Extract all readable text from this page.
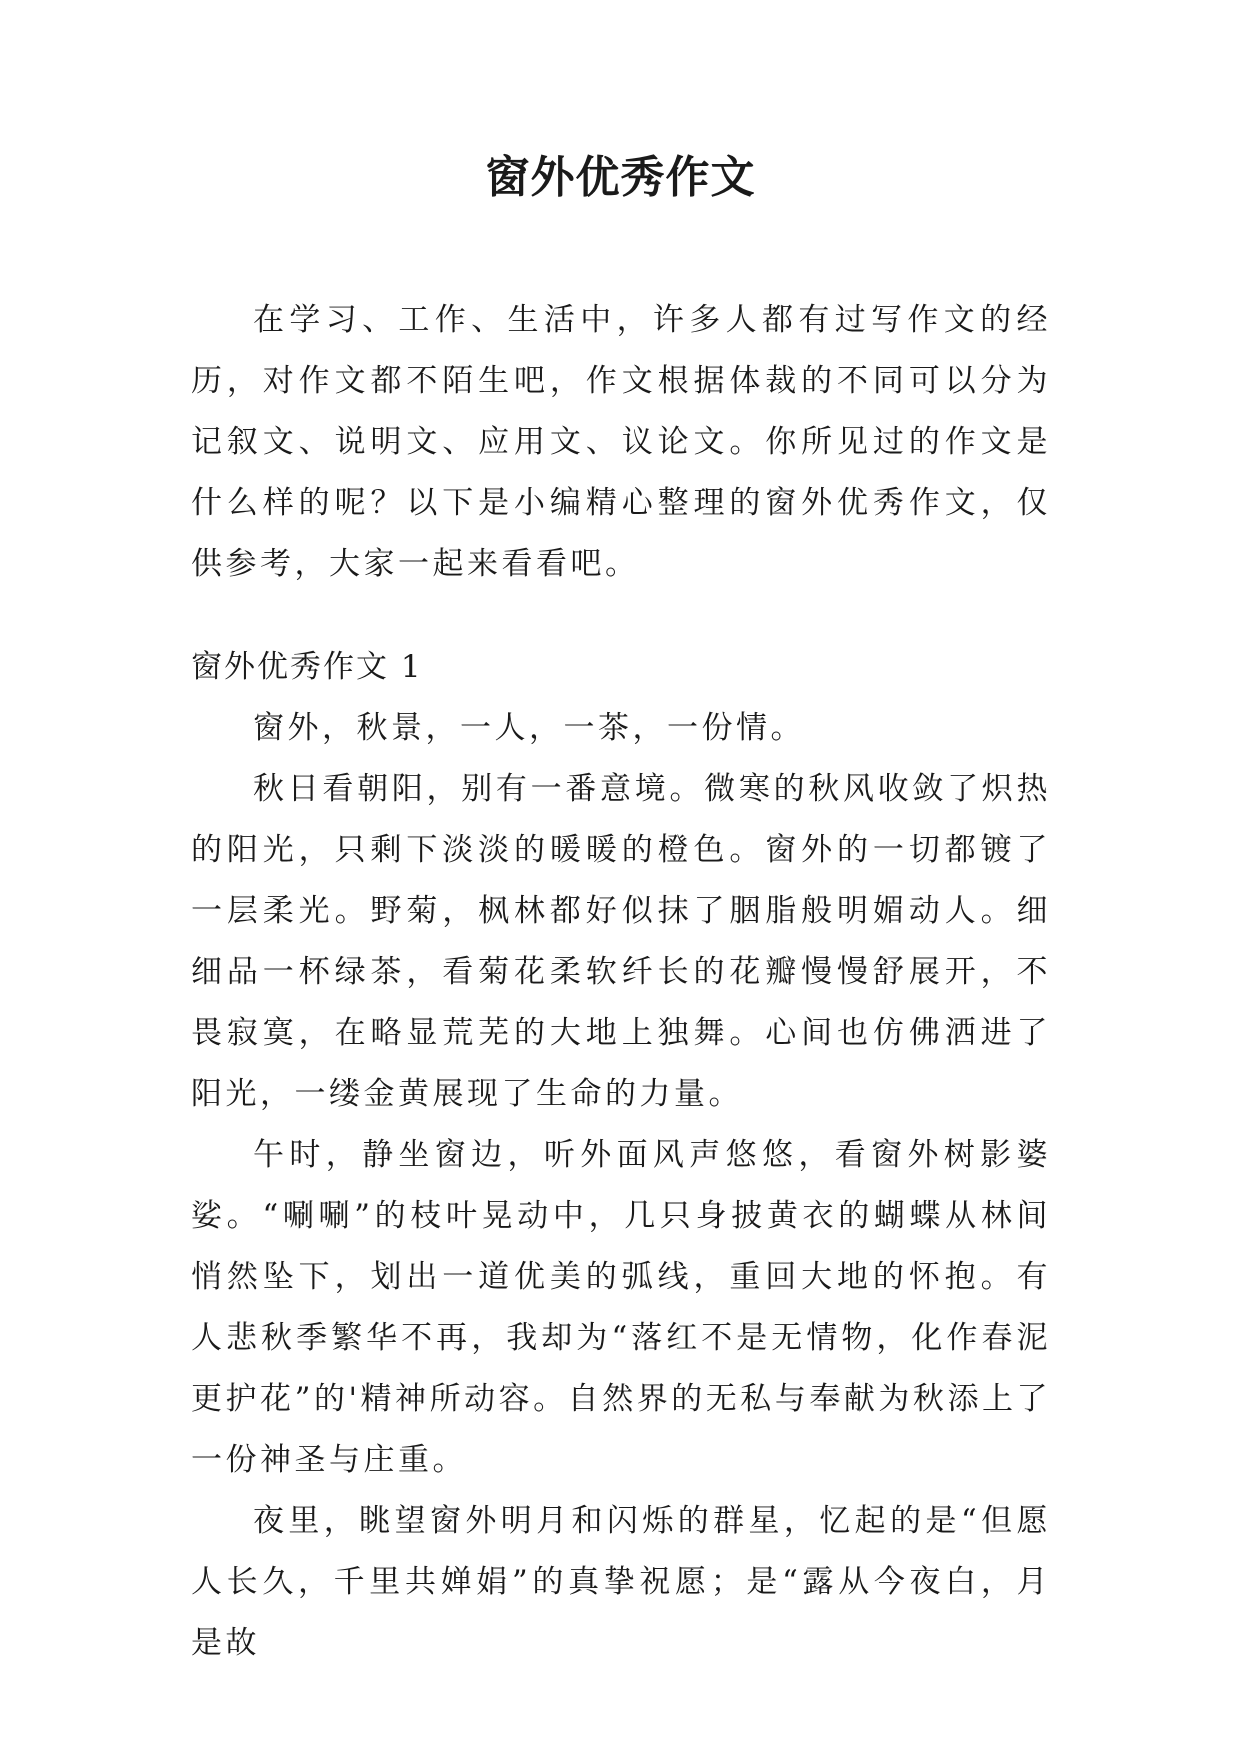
窗外优秀作文

在学习、工作、生活中，许多人都有过写作文的经历，对作文都不陌生吧，作文根据体裁的不同可以分为记叙文、说明文、应用文、议论文。你所见过的作文是什么样的呢？以下是小编精心整理的窗外优秀作文，仅供参考，大家一起来看看吧。

窗外优秀作文 1

窗外，秋景，一人，一茶，一份情。

秋日看朝阳，别有一番意境。微寒的秋风收敛了炽热的阳光，只剩下淡淡的暖暖的橙色。窗外的一切都镀了一层柔光。野菊，枫林都好似抹了胭脂般明媚动人。细细品一杯绿茶，看菊花柔软纤长的花瓣慢慢舒展开，不畏寂寞，在略显荒芜的大地上独舞。心间也仿佛洒进了阳光，一缕金黄展现了生命的力量。

午时，静坐窗边，听外面风声悠悠，看窗外树影婆娑。“唰唰”的枝叶晃动中，几只身披黄衣的蝴蝶从林间悄然坠下，划出一道优美的弧线，重回大地的怀抱。有人悲秋季繁华不再，我却为“落红不是无情物，化作春泥更护花”的'精神所动容。自然界的无私与奉献为秋添上了一份神圣与庄重。

夜里，眺望窗外明月和闪烁的群星，忆起的是“但愿人长久，千里共婵娟”的真挚祝愿；是“露从今夜白，月是故
